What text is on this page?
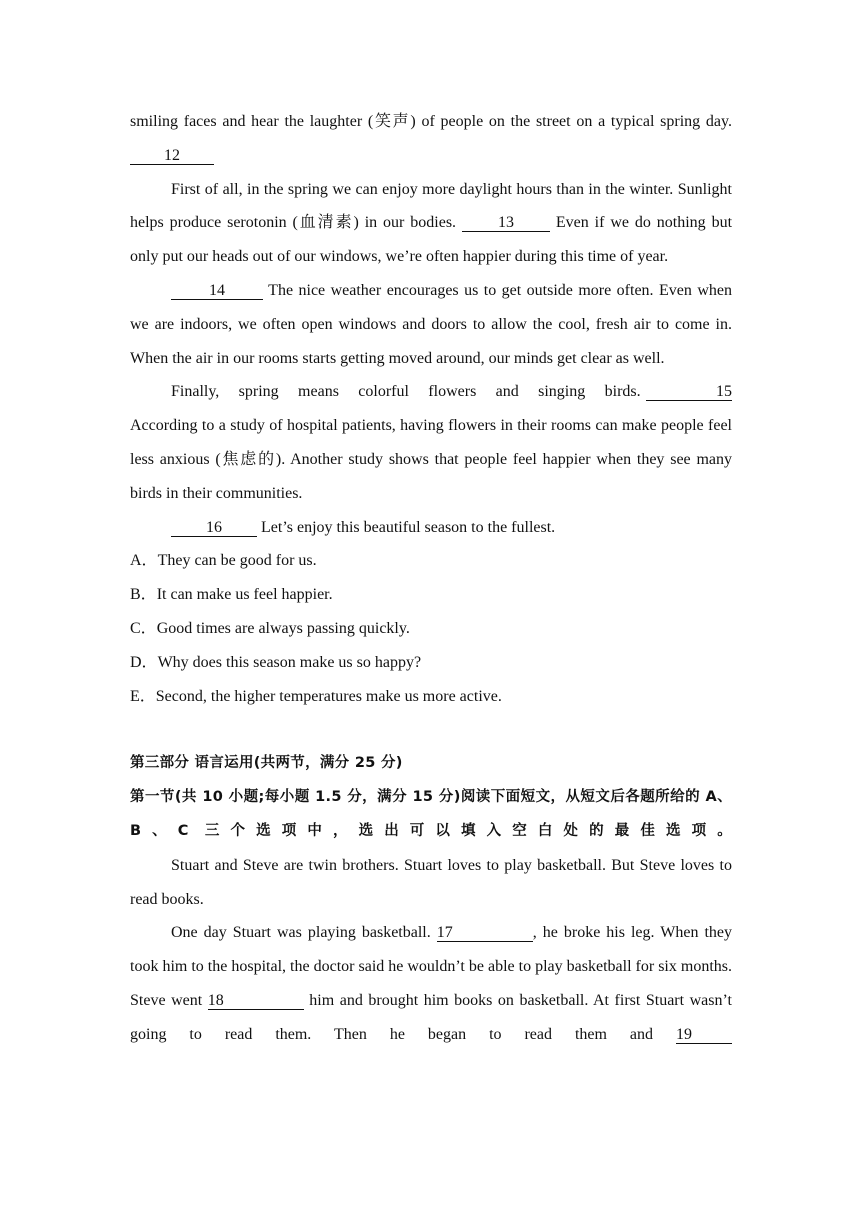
smiling faces and hear the laughter (笑声) of people on the street on a typical spring day. 12

First of all, in the spring we can enjoy more daylight hours than in the winter. Sunlight helps produce serotonin (血清素) in our bodies.	13	Even if we do nothing but only put our heads out of our windows, we’re often happier during this time of year.

14	The nice weather encourages us to get outside more often. Even when we are indoors, we often open windows and doors to allow the cool, fresh air to come in. When the air in our rooms starts getting moved around, our minds get clear as well.

Finally, spring means colorful flowers and singing birds.	15 According to a study of hospital patients, having flowers in their rooms can make people feel less anxious (焦虑的). Another study shows that people feel happier when they see many birds in their communities.

16 Let’s enjoy this beautiful season to the fullest.

A．They can be good for us.
B．It can make us feel happier.
C．Good times are always passing quickly.
D．Why does this season make us so happy?
E．Second, the higher temperatures make us more active.

第三部分 语言运用(共两节，满分 25 分)

第一节(共 10 小题;每小题 1.5 分，满分 15 分)阅读下面短文，从短文后各题所给的 A、B、C 三个选项中，选出可以填入空白处的最佳选项。

Stuart and Steve are twin brothers. Stuart loves to play basketball. But Steve loves to read books.

One day Stuart was playing basketball. 17	, he broke his leg. When they took him to the hospital, the doctor said he wouldn’t be able to play basketball for six months. Steve went 18	him and brought him books on basketball. At first Stuart wasn’t going to read them. Then he began to read them and 19
